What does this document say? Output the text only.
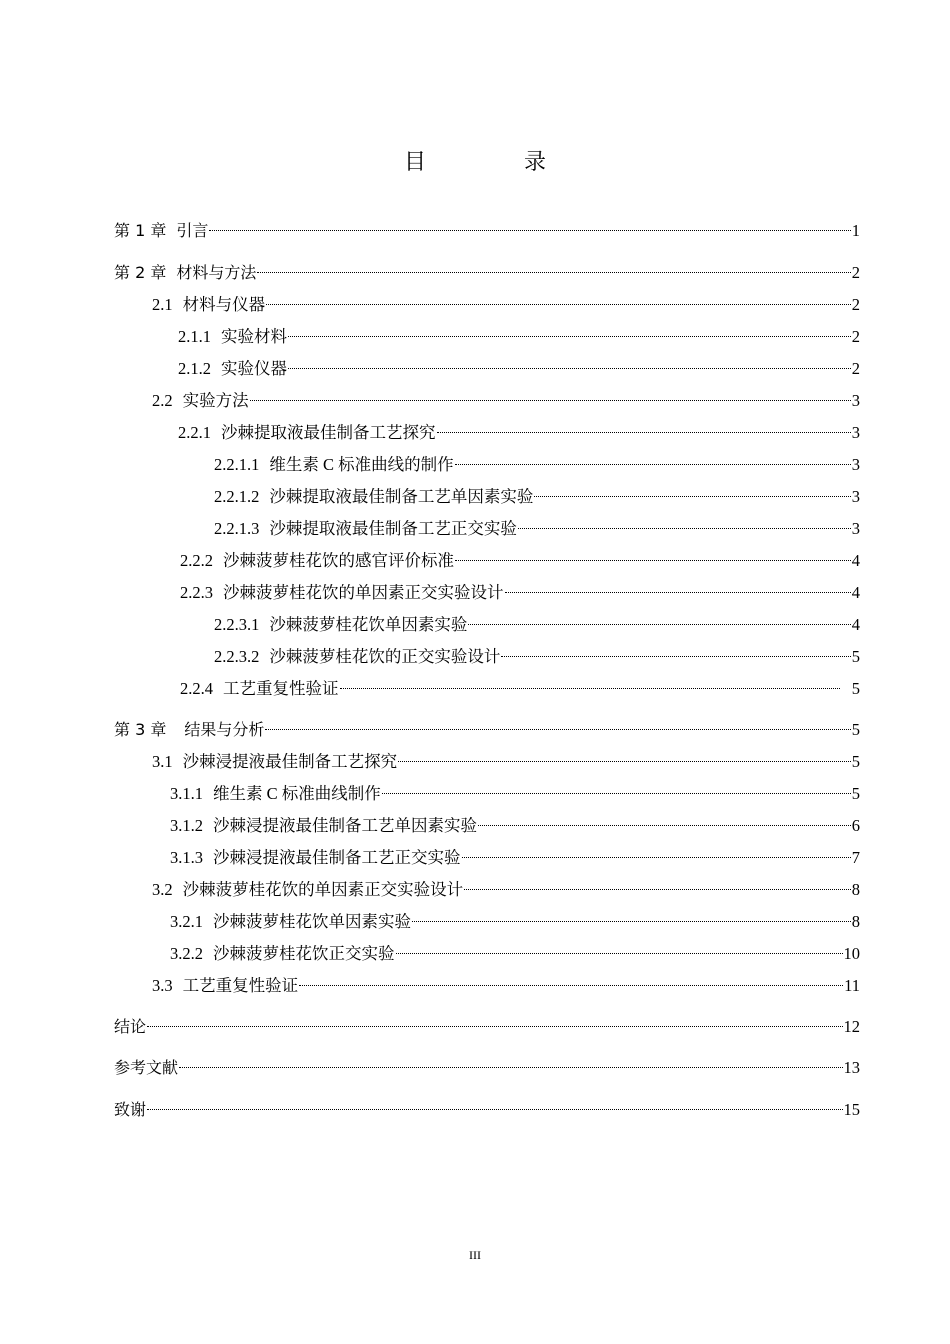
目　录
第 1 章 引言	1
第 2 章 材料与方法	2
2.1 材料与仪器	2
2.1.1 实验材料	2
2.1.2 实验仪器	2
2.2 实验方法	3
2.2.1 沙棘提取液最佳制备工艺探究	3
2.2.1.1 维生素 C 标准曲线的制作	3
2.2.1.2 沙棘提取液最佳制备工艺单因素实验	3
2.2.1.3 沙棘提取液最佳制备工艺正交实验	3
2.2.2 沙棘菠萝桂花饮的感官评价标准	4
2.2.3 沙棘菠萝桂花饮的单因素正交实验设计	4
2.2.3.1 沙棘菠萝桂花饮单因素实验	4
2.2.3.2 沙棘菠萝桂花饮的正交实验设计	5
2.2.4 工艺重复性验证	5
第 3 章 结果与分析	5
3.1 沙棘浸提液最佳制备工艺探究	5
3.1.1 维生素 C 标准曲线制作	5
3.1.2 沙棘浸提液最佳制备工艺单因素实验	6
3.1.3 沙棘浸提液最佳制备工艺正交实验	7
3.2 沙棘菠萝桂花饮的单因素正交实验设计	8
3.2.1 沙棘菠萝桂花饮单因素实验	8
3.2.2 沙棘菠萝桂花饮正交实验	10
3.3 工艺重复性验证	11
结论	12
参考文献	13
致谢	15
III
